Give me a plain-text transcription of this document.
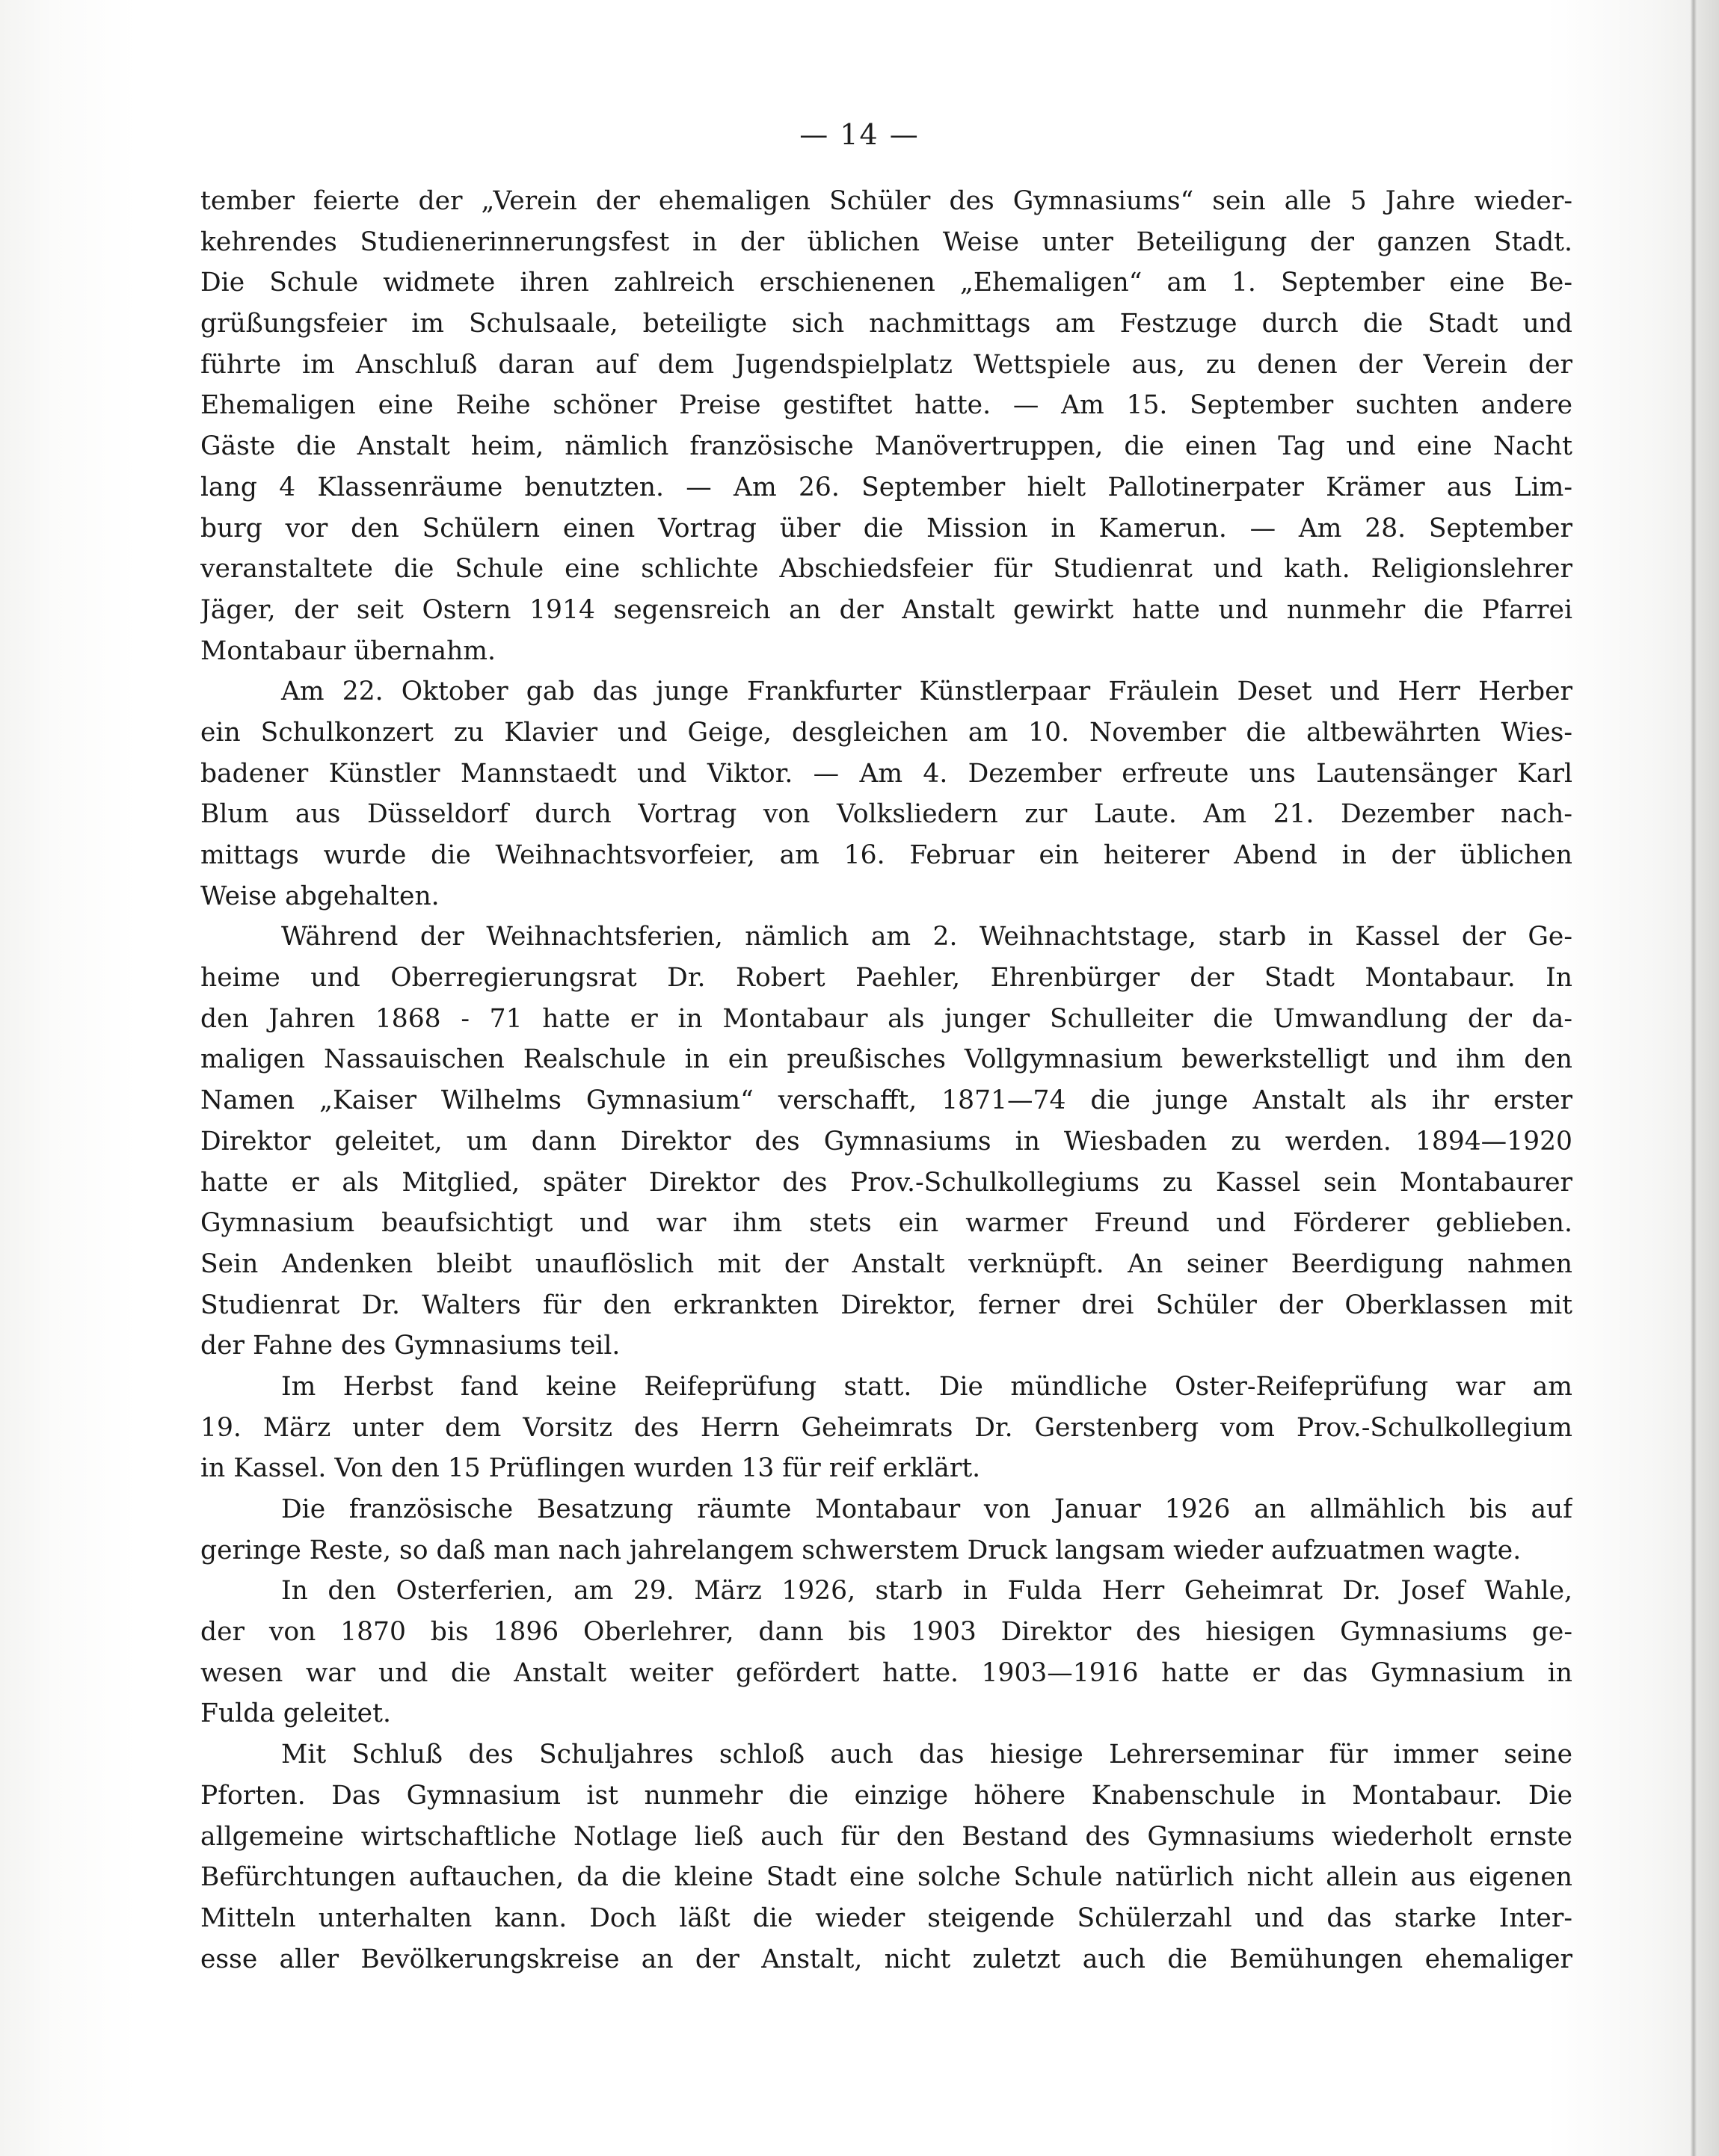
— 14 —
tember feierte der „Verein der ehemaligen Schüler des Gymnasiums“ sein alle 5 Jahre wieder-
kehrendes Studienerinnerungsfest in der üblichen Weise unter Beteiligung der ganzen Stadt.
Die Schule widmete ihren zahlreich erschienenen „Ehemaligen“ am 1. September eine Be-
grüßungsfeier im Schulsaale, beteiligte sich nachmittags am Festzuge durch die Stadt und
führte im Anschluß daran auf dem Jugendspielplatz Wettspiele aus, zu denen der Verein der
Ehemaligen eine Reihe schöner Preise gestiftet hatte. — Am 15. September suchten andere
Gäste die Anstalt heim, nämlich französische Manövertruppen, die einen Tag und eine Nacht
lang 4 Klassenräume benutzten. — Am 26. September hielt Pallotinerpater Krämer aus Lim-
burg vor den Schülern einen Vortrag über die Mission in Kamerun. — Am 28. September
veranstaltete die Schule eine schlichte Abschiedsfeier für Studienrat und kath. Religionslehrer
Jäger, der seit Ostern 1914 segensreich an der Anstalt gewirkt hatte und nunmehr die Pfarrei
Montabaur übernahm.
Am 22. Oktober gab das junge Frankfurter Künstlerpaar Fräulein Deset und Herr Herber
ein Schulkonzert zu Klavier und Geige, desgleichen am 10. November die altbewährten Wies-
badener Künstler Mannstaedt und Viktor. — Am 4. Dezember erfreute uns Lautensänger Karl
Blum aus Düsseldorf durch Vortrag von Volksliedern zur Laute. Am 21. Dezember nach-
mittags wurde die Weihnachtsvorfeier, am 16. Februar ein heiterer Abend in der üblichen
Weise abgehalten.
Während der Weihnachtsferien, nämlich am 2. Weihnachtstage, starb in Kassel der Ge-
heime und Oberregierungsrat Dr. Robert Paehler, Ehrenbürger der Stadt Montabaur. In
den Jahren 1868 - 71 hatte er in Montabaur als junger Schulleiter die Umwandlung der da-
maligen Nassauischen Realschule in ein preußisches Vollgymnasium bewerkstelligt und ihm den
Namen „Kaiser Wilhelms Gymnasium“ verschafft, 1871—74 die junge Anstalt als ihr erster
Direktor geleitet, um dann Direktor des Gymnasiums in Wiesbaden zu werden. 1894—1920
hatte er als Mitglied, später Direktor des Prov.-Schulkollegiums zu Kassel sein Montabaurer
Gymnasium beaufsichtigt und war ihm stets ein warmer Freund und Förderer geblieben.
Sein Andenken bleibt unauflöslich mit der Anstalt verknüpft. An seiner Beerdigung nahmen
Studienrat Dr. Walters für den erkrankten Direktor, ferner drei Schüler der Oberklassen mit
der Fahne des Gymnasiums teil.
Im Herbst fand keine Reifeprüfung statt. Die mündliche Oster-Reifeprüfung war am
19. März unter dem Vorsitz des Herrn Geheimrats Dr. Gerstenberg vom Prov.-Schulkollegium
in Kassel. Von den 15 Prüflingen wurden 13 für reif erklärt.
Die französische Besatzung räumte Montabaur von Januar 1926 an allmählich bis auf
geringe Reste, so daß man nach jahrelangem schwerstem Druck langsam wieder aufzuatmen wagte.
In den Osterferien, am 29. März 1926, starb in Fulda Herr Geheimrat Dr. Josef Wahle,
der von 1870 bis 1896 Oberlehrer, dann bis 1903 Direktor des hiesigen Gymnasiums ge-
wesen war und die Anstalt weiter gefördert hatte. 1903—1916 hatte er das Gymnasium in
Fulda geleitet.
Mit Schluß des Schuljahres schloß auch das hiesige Lehrerseminar für immer seine
Pforten. Das Gymnasium ist nunmehr die einzige höhere Knabenschule in Montabaur. Die
allgemeine wirtschaftliche Notlage ließ auch für den Bestand des Gymnasiums wiederholt ernste
Befürchtungen auftauchen, da die kleine Stadt eine solche Schule natürlich nicht allein aus eigenen
Mitteln unterhalten kann. Doch läßt die wieder steigende Schülerzahl und das starke Inter-
esse aller Bevölkerungskreise an der Anstalt, nicht zuletzt auch die Bemühungen ehemaliger
